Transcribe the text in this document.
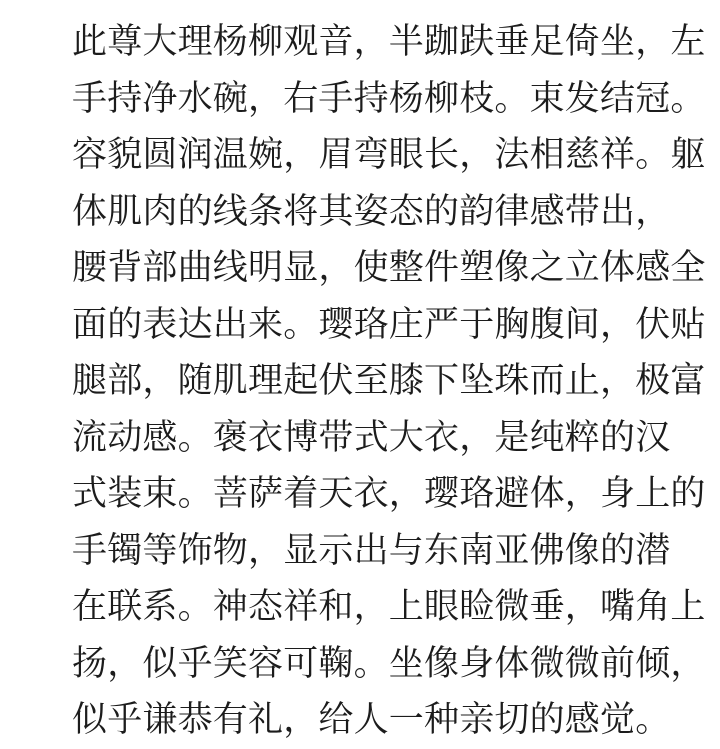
此尊大理杨柳观音，半跏趺垂足倚坐，左
手持净水碗，右手持杨柳枝。束发结冠。
容貌圆润温婉，眉弯眼长，法相慈祥。躯
体肌肉的线条将其姿态的韵律感带出，
腰背部曲线明显，使整件塑像之立体感全
面的表达出来。璎珞庄严于胸腹间，伏贴
腿部，随肌理起伏至膝下坠珠而止，极富
流动感。褒衣博带式大衣，是纯粹的汉
式装束。菩萨着天衣，璎珞避体，身上的
手镯等饰物，显示出与东南亚佛像的潜
在联系。神态祥和，上眼睑微垂，嘴角上
扬，似乎笑容可鞠。坐像身体微微前倾，
似乎谦恭有礼，给人一种亲切的感觉。
